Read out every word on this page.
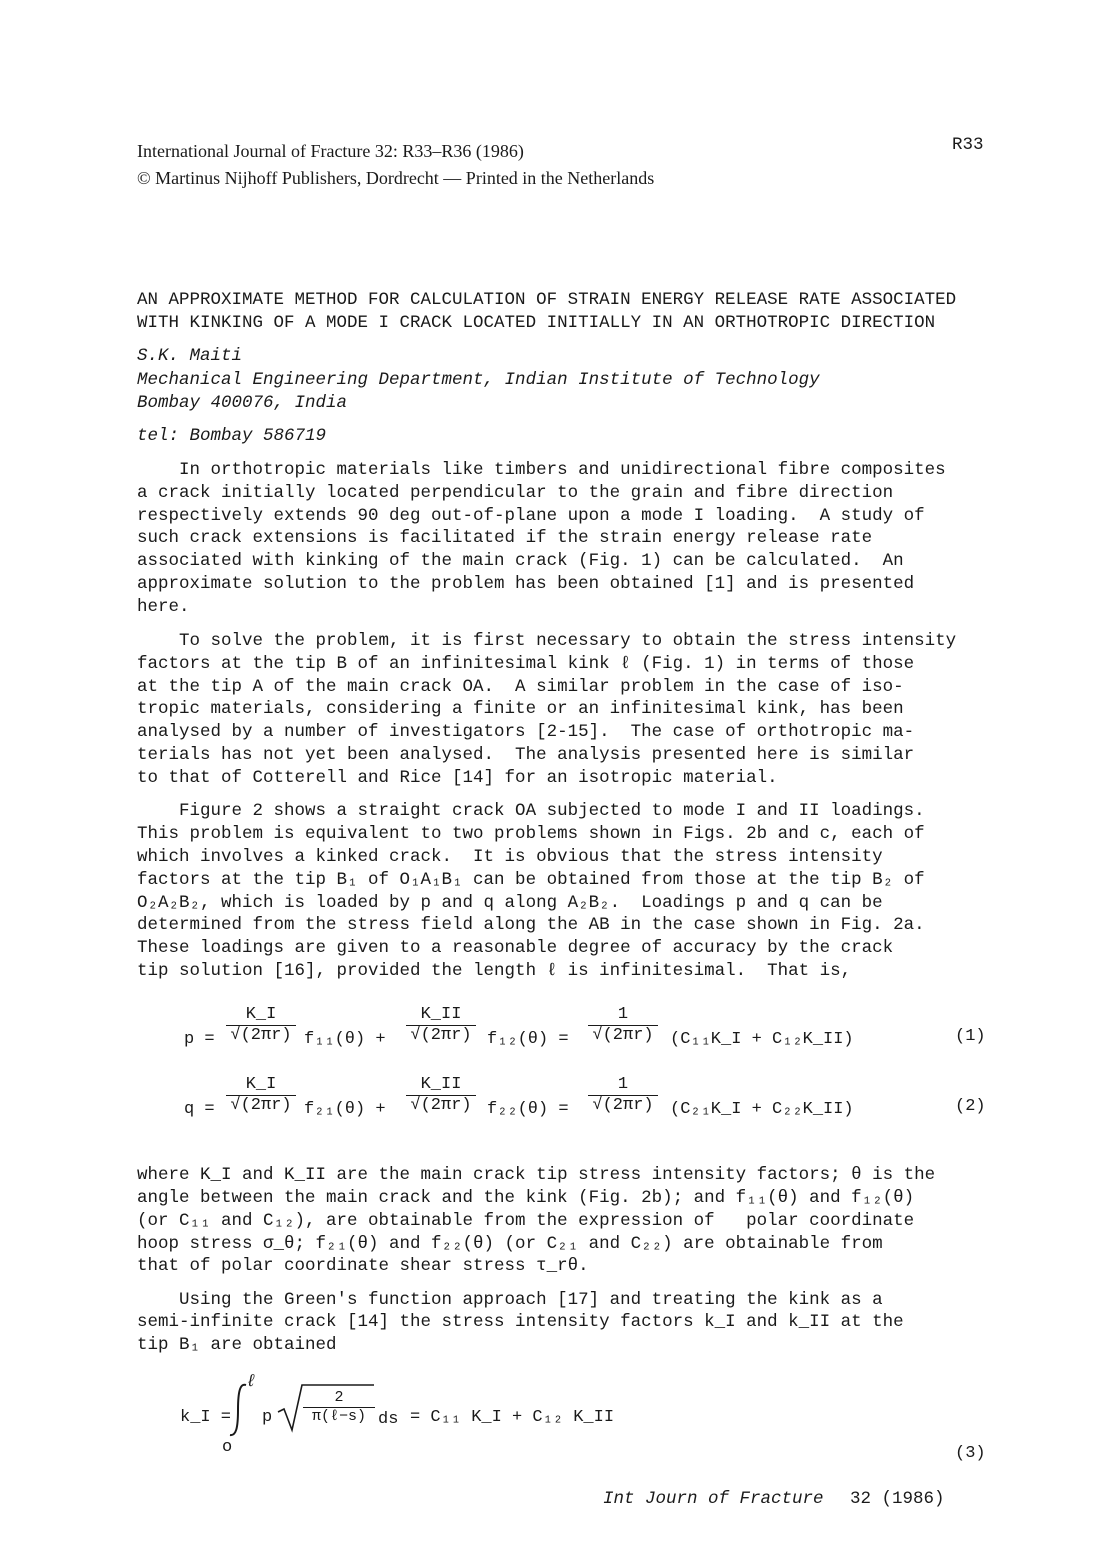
International Journal of Fracture 32: R33–R36 (1986)
© Martinus Nijhoff Publishers, Dordrecht — Printed in the Netherlands
R33
AN APPROXIMATE METHOD FOR CALCULATION OF STRAIN ENERGY RELEASE RATE ASSOCIATED
WITH KINKING OF A MODE I CRACK LOCATED INITIALLY IN AN ORTHOTROPIC DIRECTION
S.K. Maiti
Mechanical Engineering Department, Indian Institute of Technology
Bombay 400076, India
tel: Bombay 586719
In orthotropic materials like timbers and unidirectional fibre composites
a crack initially located perpendicular to the grain and fibre direction
respectively extends 90 deg out-of-plane upon a mode I loading.  A study of
such crack extensions is facilitated if the strain energy release rate
associated with kinking of the main crack (Fig. 1) can be calculated.  An
approximate solution to the problem has been obtained [1] and is presented
here.
To solve the problem, it is first necessary to obtain the stress intensity
factors at the tip B of an infinitesimal kink ℓ (Fig. 1) in terms of those
at the tip A of the main crack OA.  A similar problem in the case of iso-
tropic materials, considering a finite or an infinitesimal kink, has been
analysed by a number of investigators [2-15].  The case of orthotropic ma-
terials has not yet been analysed.  The analysis presented here is similar
to that of Cotterell and Rice [14] for an isotropic material.
Figure 2 shows a straight crack OA subjected to mode I and II loadings.
This problem is equivalent to two problems shown in Figs. 2b and c, each of
which involves a kinked crack.  It is obvious that the stress intensity
factors at the tip B₁ of O₁A₁B₁ can be obtained from those at the tip B₂ of
O₂A₂B₂, which is loaded by p and q along A₂B₂.  Loadings p and q can be
determined from the stress field along the AB in the case shown in Fig. 2a.
These loadings are given to a reasonable degree of accuracy by the crack
tip solution [16], provided the length ℓ is infinitesimal.  That is,
$p = \frac{K\_I}{√(2\pi r)} f_{11}(\theta) + \frac{K\_II}{√(2\pi r)} f_{12}(\theta) = \frac{1}{√(2\pi r)}$ (C₁₁K_I + C₁₂K_II)	(1)
$q = \frac{K\_I}{√(2\pi r)} f_{21}(\theta) + \frac{K\_II}{√(2\pi r)} f_{22}(\theta) = \frac{1}{√(2\pi r)}$ (C₂₁K_I + C₂₂K_II)	(2)
where K_I and K_II are the main crack tip stress intensity factors; θ is the
angle between the main crack and the kink (Fig. 2b); and f₁₁(θ) and f₁₂(θ)
(or C₁₁ and C₁₂), are obtainable from the expression of   polar coordinate
hoop stress σ_θ; f₂₁(θ) and f₂₂(θ) (or C₂₁ and C₂₂) are obtainable from
that of polar coordinate shear stress τ_rθ.
Using the Green's function approach [17] and treating the kink as a
semi-infinite crack [14] the stress intensity factors k_I and k_II at the
tip B₁ are obtained
k_I =
ℓ
o
p
2
π(ℓ−s) ds = C₁₁ K_I + C₁₂ K_II
(3)
Int Journ of Fracture 32 (1986)
